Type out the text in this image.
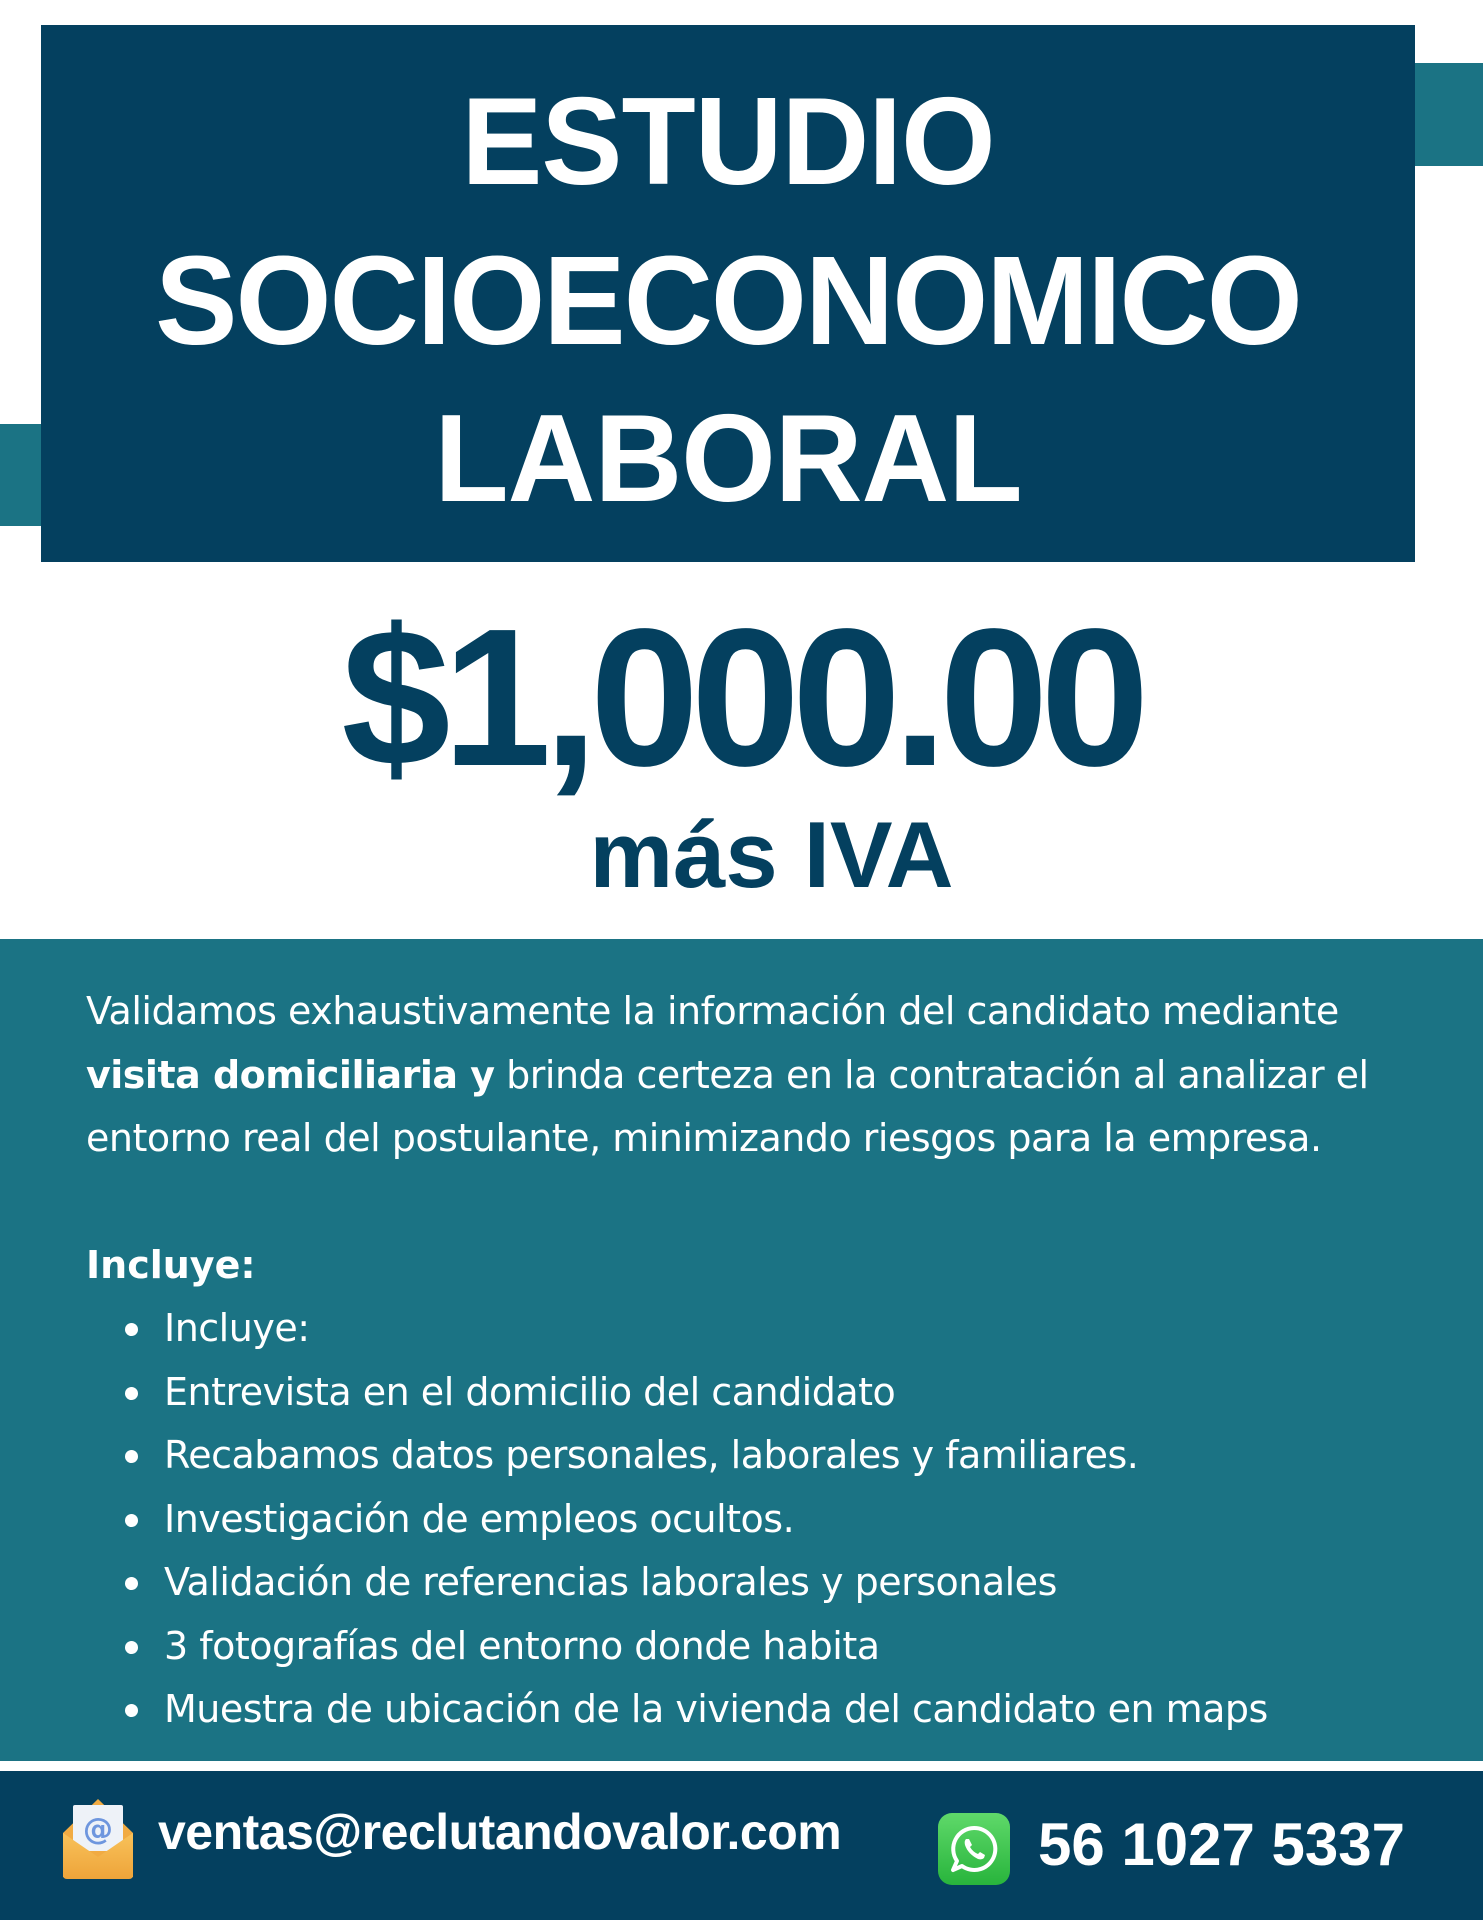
ESTUDIO
SOCIOECONOMICO
LABORAL
$1,000.00
más IVA

Validamos exhaustivamente la información del candidato mediante visita domiciliaria y brinda certeza en la contratación al analizar el entorno real del postulante, minimizando riesgos para la empresa.

Incluye:
Incluye:
Entrevista en el domicilio del candidato
Recabamos datos personales, laborales y familiares.
Investigación de empleos ocultos.
Validación de referencias laborales y personales
3 fotografías del entorno donde habita
Muestra de ubicación de la vivienda del candidato en maps
@ ventas@reclutandovalor.com	56 1027 5337
